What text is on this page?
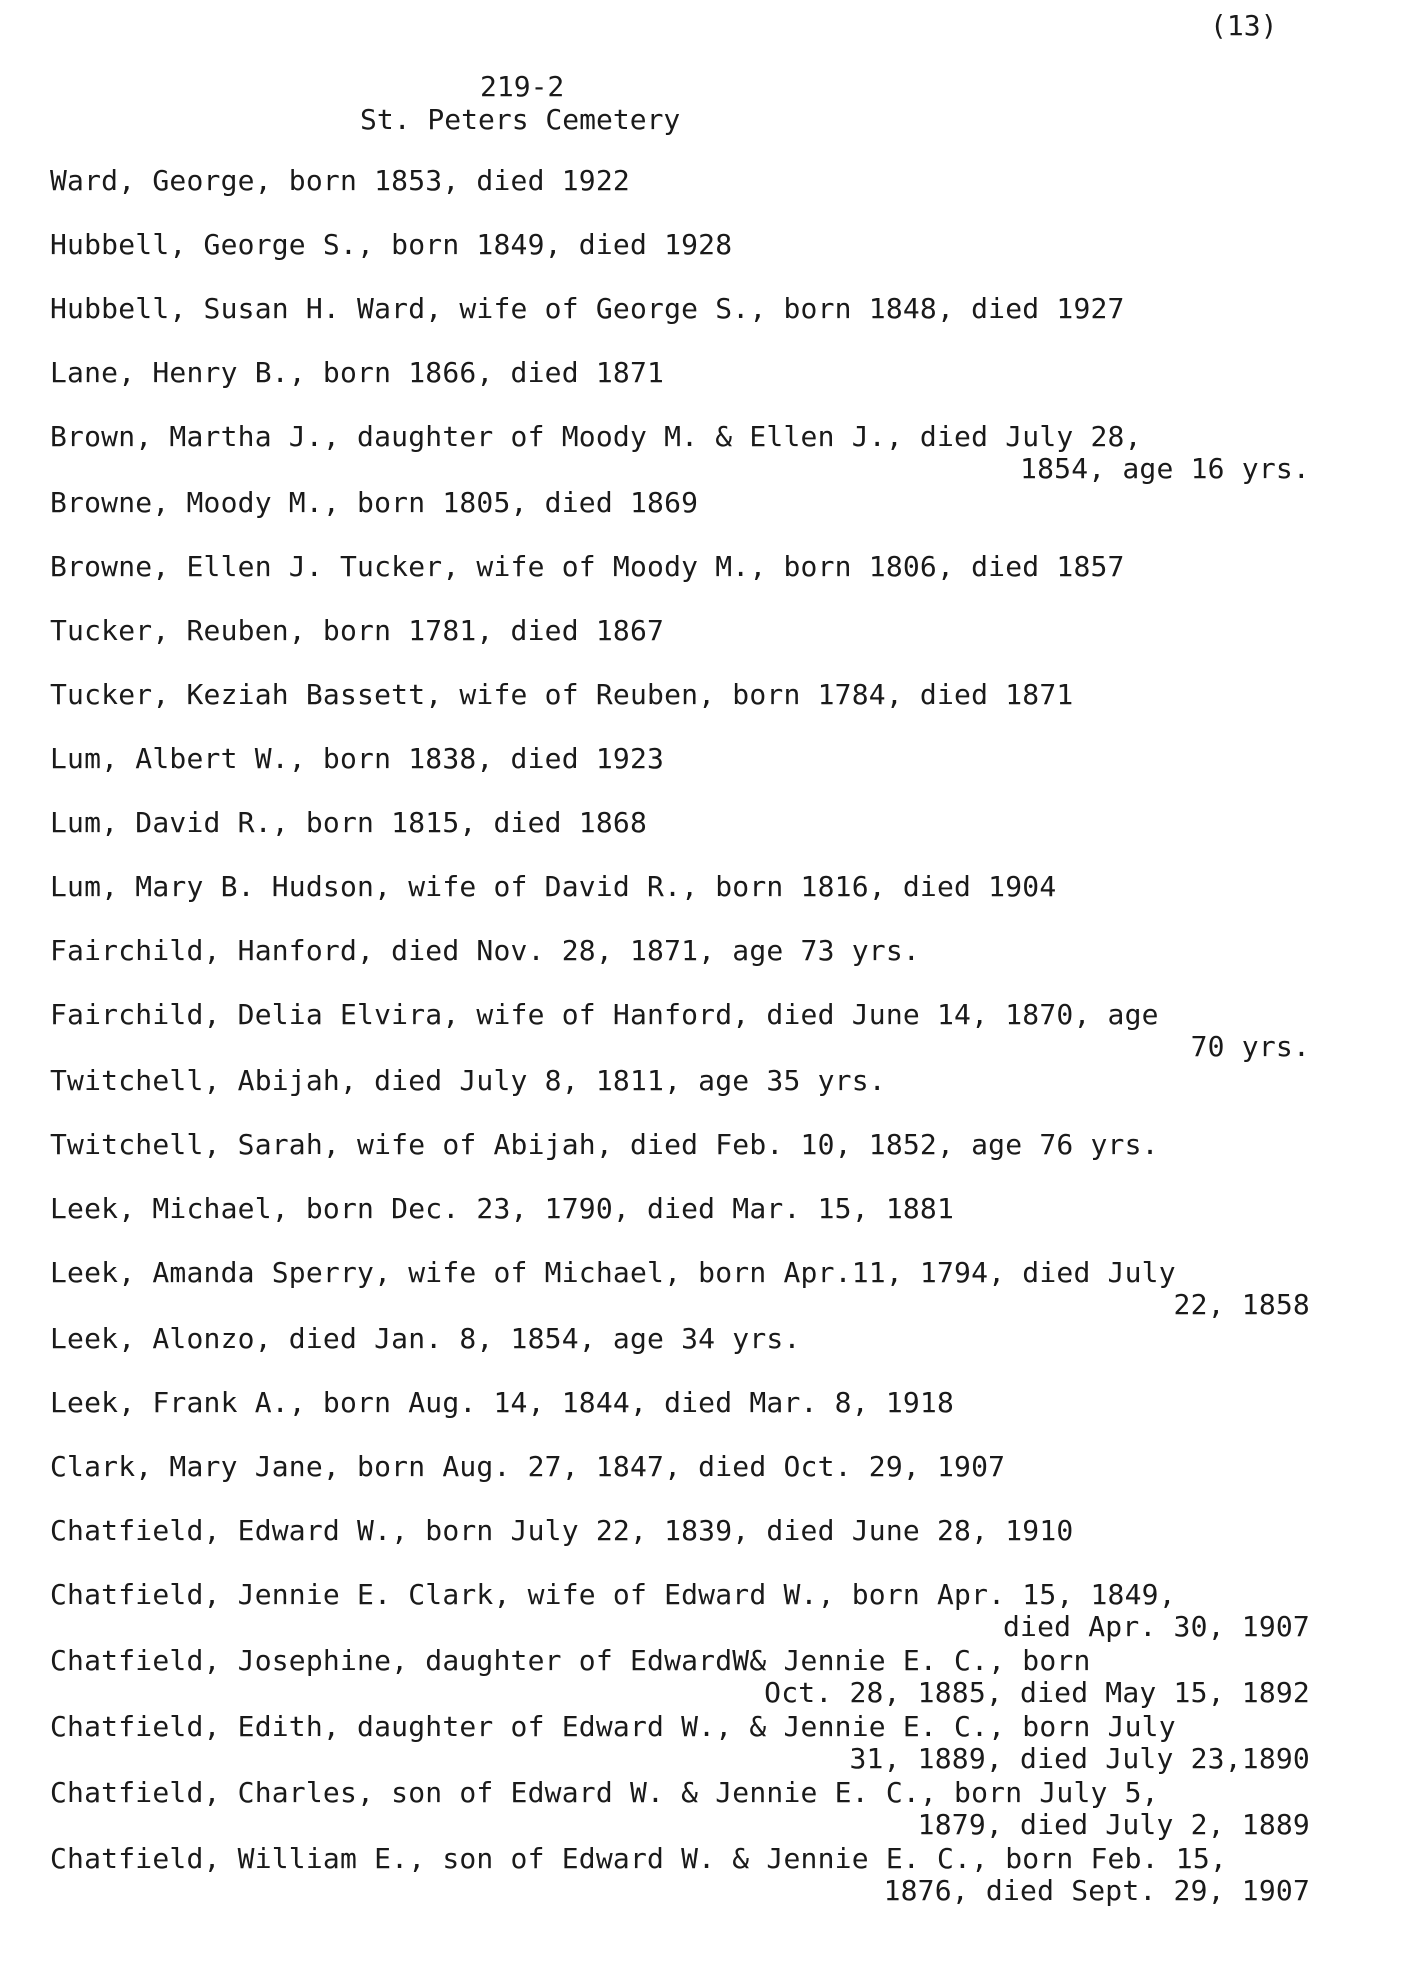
(13)
219-2
St. Peters Cemetery
Ward, George, born 1853, died 1922
Hubbell, George S., born 1849, died 1928
Hubbell, Susan H. Ward, wife of George S., born 1848, died 1927
Lane, Henry B., born 1866, died 1871
Brown, Martha J., daughter of Moody M. & Ellen J., died July 28,
1854, age 16 yrs.
Browne, Moody M., born 1805, died 1869
Browne, Ellen J. Tucker, wife of Moody M., born 1806, died 1857
Tucker, Reuben, born 1781, died 1867
Tucker, Keziah Bassett, wife of Reuben, born 1784, died 1871
Lum, Albert W., born 1838, died 1923
Lum, David R., born 1815, died 1868
Lum, Mary B. Hudson, wife of David R., born 1816, died 1904
Fairchild, Hanford, died Nov. 28, 1871, age 73 yrs.
Fairchild, Delia Elvira, wife of Hanford, died June 14, 1870, age
70 yrs.
Twitchell, Abijah, died July 8, 1811, age 35 yrs.
Twitchell, Sarah, wife of Abijah, died Feb. 10, 1852, age 76 yrs.
Leek, Michael, born Dec. 23, 1790, died Mar. 15, 1881
Leek, Amanda Sperry, wife of Michael, born Apr.11, 1794, died July
22, 1858
Leek, Alonzo, died Jan. 8, 1854, age 34 yrs.
Leek, Frank A., born Aug. 14, 1844, died Mar. 8, 1918
Clark, Mary Jane, born Aug. 27, 1847, died Oct. 29, 1907
Chatfield, Edward W., born July 22, 1839, died June 28, 1910
Chatfield, Jennie E. Clark, wife of Edward W., born Apr. 15, 1849,
died Apr. 30, 1907
Chatfield, Josephine, daughter of EdwardW& Jennie E. C., born
Oct. 28, 1885, died May 15, 1892
Chatfield, Edith, daughter of Edward W., & Jennie E. C., born July
31, 1889, died July 23,1890
Chatfield, Charles, son of Edward W. & Jennie E. C., born July 5,
1879, died July 2, 1889
Chatfield, William E., son of Edward W. & Jennie E. C., born Feb. 15,
1876, died Sept. 29, 1907
